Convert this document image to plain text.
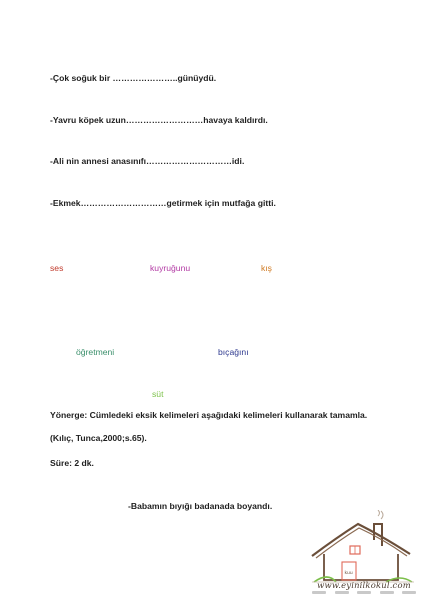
-Çok soğuk bir …………………..günüydü.
-Yavru köpek uzun………………………havaya kaldırdı.
-Ali nin annesi anasınıfı…………………………idi.
-Ekmek…………………………getirmek için mutfağa gitti.
ses	kuyruğunu	kış
öğretmeni	bıçağını
süt
Yönerge: Cümledeki eksik kelimeleri aşağıdaki kelimeleri kullanarak tamamla.
(Kılıç, Tunca,2000;s.65).
Süre: 2 dk.
-Babamın bıyığı badanada boyandı.
kuu
www.eyinilkokul.com
